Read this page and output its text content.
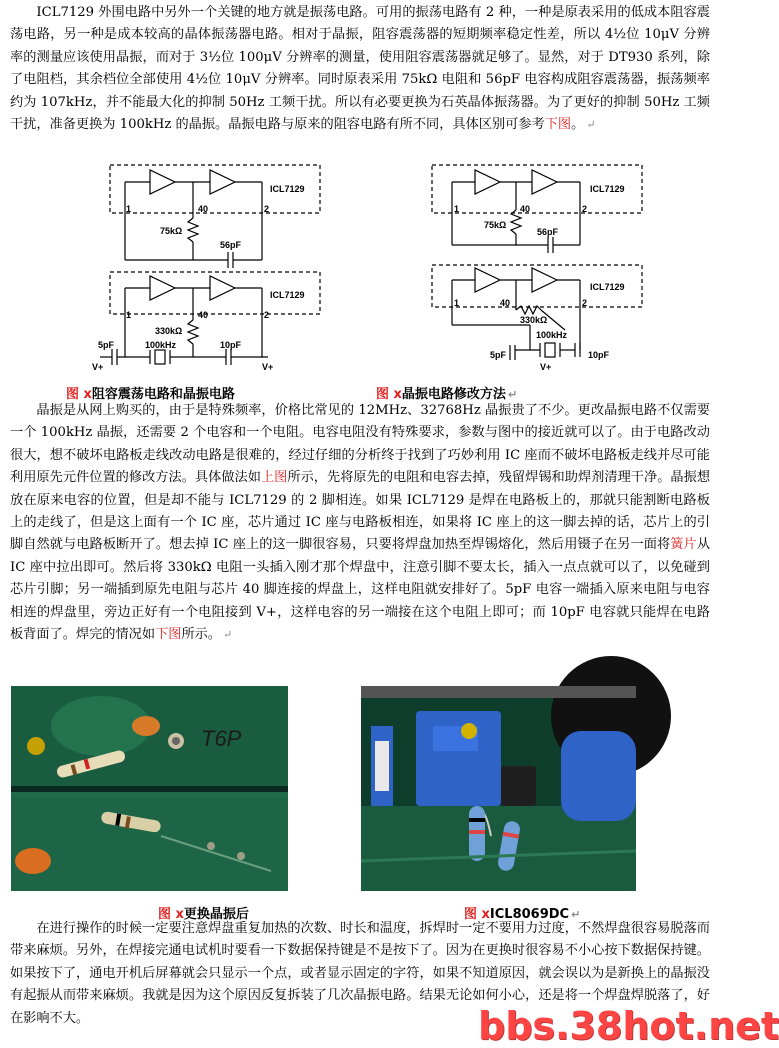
ICL7129 外围电路中另外一个关键的地方就是振荡电路。可用的振荡电路有 2 种，一种是原表采用的低成本阻容震荡电路，另一种是成本较高的晶体振荡器电路。相对于晶振，阻容震荡器的短期频率稳定性差，所以 4½位 10μV 分辨率的测量应该使用晶振，而对于 3½位 100μV 分辨率的测量，使用阻容震荡器就足够了。显然，对于 DT930 系列，除了电阻档，其余档位全部使用 4½位 10μV 分辨率。同时原表采用 75kΩ 电阻和 56pF 电容构成阻容震荡器，振荡频率约为 107kHz，并不能最大化的抑制 50Hz 工频干扰。所以有必要更换为石英晶体振荡器。为了更好的抑制 50Hz 工频干扰，准备更换为 100kHz 的晶振。晶振电路与原来的阻容电路有所不同，具体区别可参考下图。 ↵

ICL7129
1	40	2
75kΩ
56pF
ICL7129
1	40	2
330kΩ
5pF	100kHz	10pF
V+	V+
ICL7129
1	40	2
75kΩ
56pF
ICL7129
1	40	2
330kΩ
100kHz
5pF	10pF
V+
图 x阻容震荡电路和晶振电路	图 x晶振电路修改方法 ↵

晶振是从网上购买的，由于是特殊频率，价格比常见的 12MHz、32768Hz 晶振贵了不少。更改晶振电路不仅需要一个 100kHz 晶振，还需要 2 个电容和一个电阻。电容电阻没有特殊要求，参数与图中的接近就可以了。由于电路改动很大，想不破坏电路板走线改动电路是很难的，经过仔细的分析终于找到了巧妙利用 IC 座而不破坏电路板走线并尽可能利用原先元件位置的修改方法。具体做法如上图所示，先将原先的电阻和电容去掉，残留焊锡和助焊剂清理干净。晶振想放在原来电容的位置，但是却不能与 ICL7129 的 2 脚相连。如果 ICL7129 是焊在电路板上的，那就只能割断电路板上的走线了，但是这上面有一个 IC 座，芯片通过 IC 座与电路板相连，如果将 IC 座上的这一脚去掉的话，芯片上的引脚自然就与电路板断开了。想去掉 IC 座上的这一脚很容易，只要将焊盘加热至焊锡熔化，然后用镊子在另一面将簧片从 IC 座中拉出即可。然后将 330kΩ 电阻一头插入刚才那个焊盘中，注意引脚不要太长，插入一点点就可以了，以免碰到芯片引脚；另一端插到原先电阻与芯片 40 脚连接的焊盘上，这样电阻就安排好了。5pF 电容一端插入原来电阻与电容相连的焊盘里，旁边正好有一个电阻接到 V+，这样电容的另一端接在这个电阻上即可；而 10pF 电容就只能焊在电路板背面了。焊完的情况如下图所示。 ↵

T6P
图 x更换晶振后	图 xICL8069DC ↵

在进行操作的时候一定要注意焊盘重复加热的次数、时长和温度，拆焊时一定不要用力过度，不然焊盘很容易脱落而带来麻烦。另外，在焊接完通电试机时要看一下数据保持键是不是按下了。因为在更换时很容易不小心按下数据保持键。如果按下了，通电开机后屏幕就会只显示一个点，或者显示固定的字符，如果不知道原因，就会误以为是新换上的晶振没有起振从而带来麻烦。我就是因为这个原因反复拆装了几次晶振电路。结果无论如何小心，还是将一个焊盘焊脱落了，好在影响不大。	bbs.38hot.net
